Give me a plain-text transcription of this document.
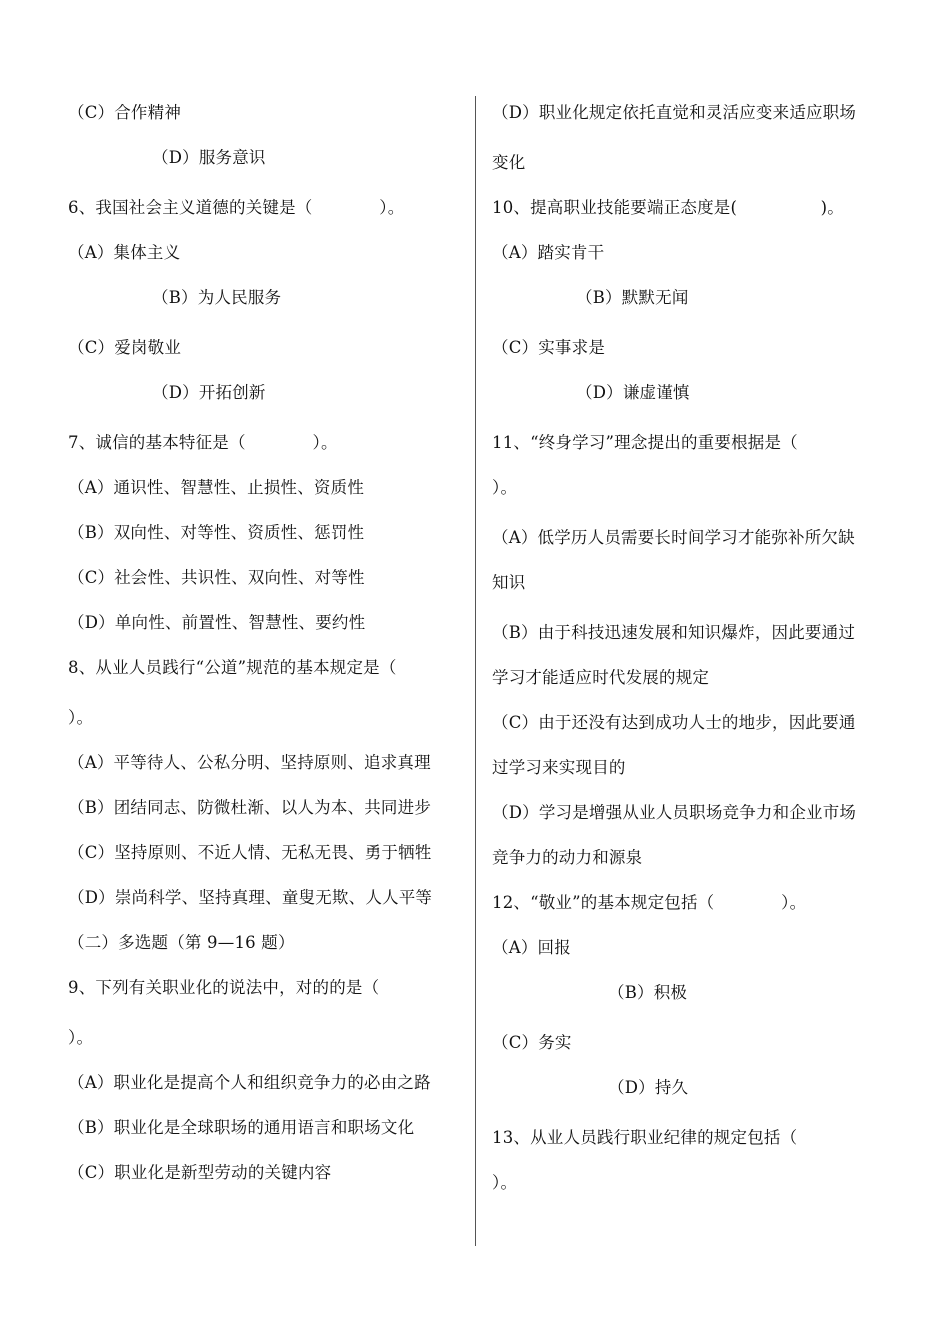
（C）合作精神
（D）服务意识
6、我国社会主义道德的关键是（　　　　）。
（A）集体主义
（B）为人民服务
（C）爱岗敬业
（D）开拓创新
7、诚信的基本特征是（　　　　）。
（A）通识性、智慧性、止损性、资质性
（B）双向性、对等性、资质性、惩罚性
（C）社会性、共识性、双向性、对等性
（D）单向性、前置性、智慧性、要约性
8、从业人员践行“公道”规范的基本规定是（
）。
（A）平等待人、公私分明、坚持原则、追求真理
（B）团结同志、防微杜渐、以人为本、共同进步
（C）坚持原则、不近人情、无私无畏、勇于牺牲
（D）崇尚科学、坚持真理、童叟无欺、人人平等
（二）多选题（第 9—16 题）
9、下列有关职业化的说法中，对的的是（
）。
（A）职业化是提高个人和组织竞争力的必由之路
（B）职业化是全球职场的通用语言和职场文化
（C）职业化是新型劳动的关键内容
（D）职业化规定依托直觉和灵活应变来适应职场
变化
10、提高职业技能要端正态度是(　　　　　)。
（A）踏实肯干
（B）默默无闻
（C）实事求是
（D）谦虚谨慎
11、“终身学习”理念提出的重要根据是（
）。
（A）低学历人员需要长时间学习才能弥补所欠缺
知识
（B）由于科技迅速发展和知识爆炸，因此要通过
学习才能适应时代发展的规定
（C）由于还没有达到成功人士的地步，因此要通
过学习来实现目的
（D）学习是增强从业人员职场竞争力和企业市场
竞争力的动力和源泉
12、“敬业”的基本规定包括（　　　　）。
（A）回报
（B）积极
（C）务实
（D）持久
13、从业人员践行职业纪律的规定包括（
）。
